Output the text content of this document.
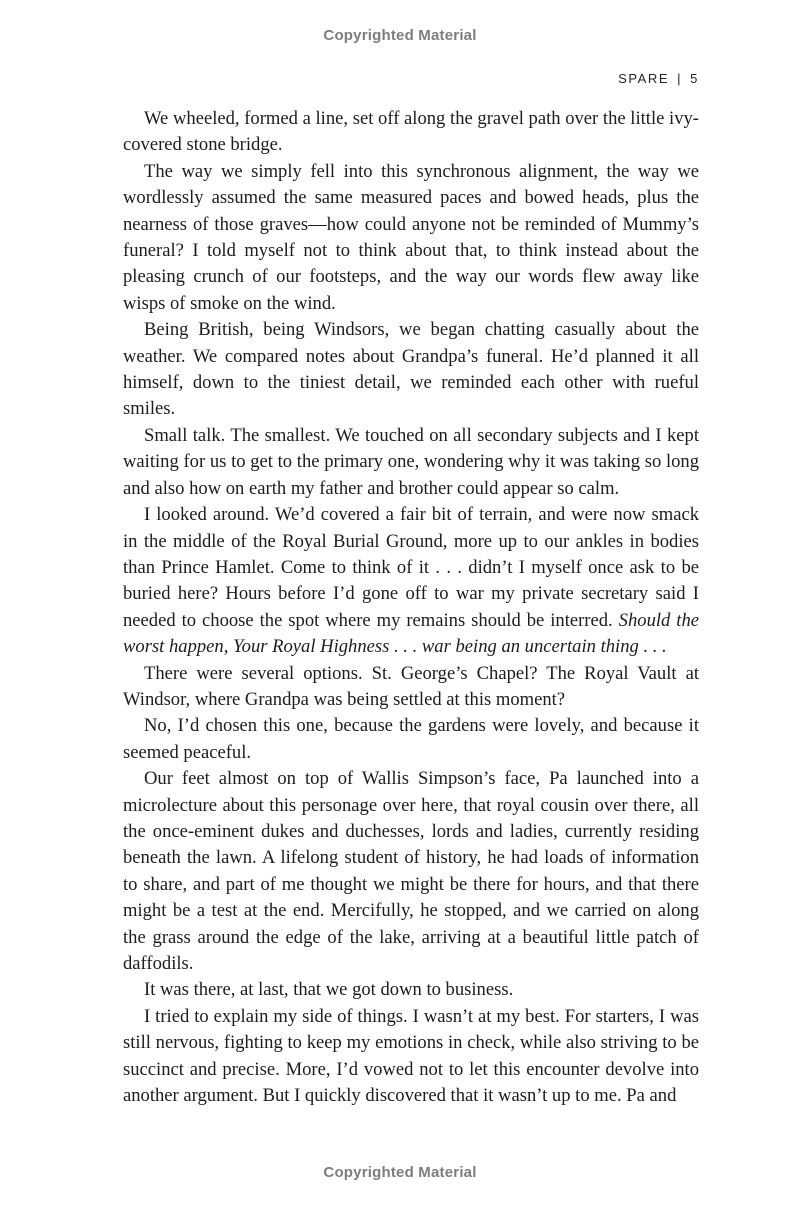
Copyrighted Material
SPARE | 5

We wheeled, formed a line, set off along the gravel path over the little ivy-covered stone bridge.

The way we simply fell into this synchronous alignment, the way we wordlessly assumed the same measured paces and bowed heads, plus the nearness of those graves—how could anyone not be reminded of Mummy’s funeral? I told myself not to think about that, to think instead about the pleasing crunch of our footsteps, and the way our words flew away like wisps of smoke on the wind.

Being British, being Windsors, we began chatting casually about the weather. We compared notes about Grandpa’s funeral. He’d planned it all himself, down to the tiniest detail, we reminded each other with rueful smiles.

Small talk. The smallest. We touched on all secondary subjects and I kept waiting for us to get to the primary one, wondering why it was taking so long and also how on earth my father and brother could appear so calm.

I looked around. We’d covered a fair bit of terrain, and were now smack in the middle of the Royal Burial Ground, more up to our ankles in bodies than Prince Hamlet. Come to think of it . . . didn’t I myself once ask to be buried here? Hours before I’d gone off to war my private secretary said I needed to choose the spot where my remains should be interred. Should the worst happen, Your Royal Highness . . . war being an uncertain thing . . .

There were several options. St. George’s Chapel? The Royal Vault at Windsor, where Grandpa was being settled at this moment?

No, I’d chosen this one, because the gardens were lovely, and because it seemed peaceful.

Our feet almost on top of Wallis Simpson’s face, Pa launched into a microlecture about this personage over here, that royal cousin over there, all the once-eminent dukes and duchesses, lords and ladies, currently residing beneath the lawn. A lifelong student of history, he had loads of information to share, and part of me thought we might be there for hours, and that there might be a test at the end. Mercifully, he stopped, and we carried on along the grass around the edge of the lake, arriving at a beautiful little patch of daffodils.

It was there, at last, that we got down to business.

I tried to explain my side of things. I wasn’t at my best. For starters, I was still nervous, fighting to keep my emotions in check, while also striving to be succinct and precise. More, I’d vowed not to let this encounter devolve into another argument. But I quickly discovered that it wasn’t up to me. Pa and

Copyrighted Material
